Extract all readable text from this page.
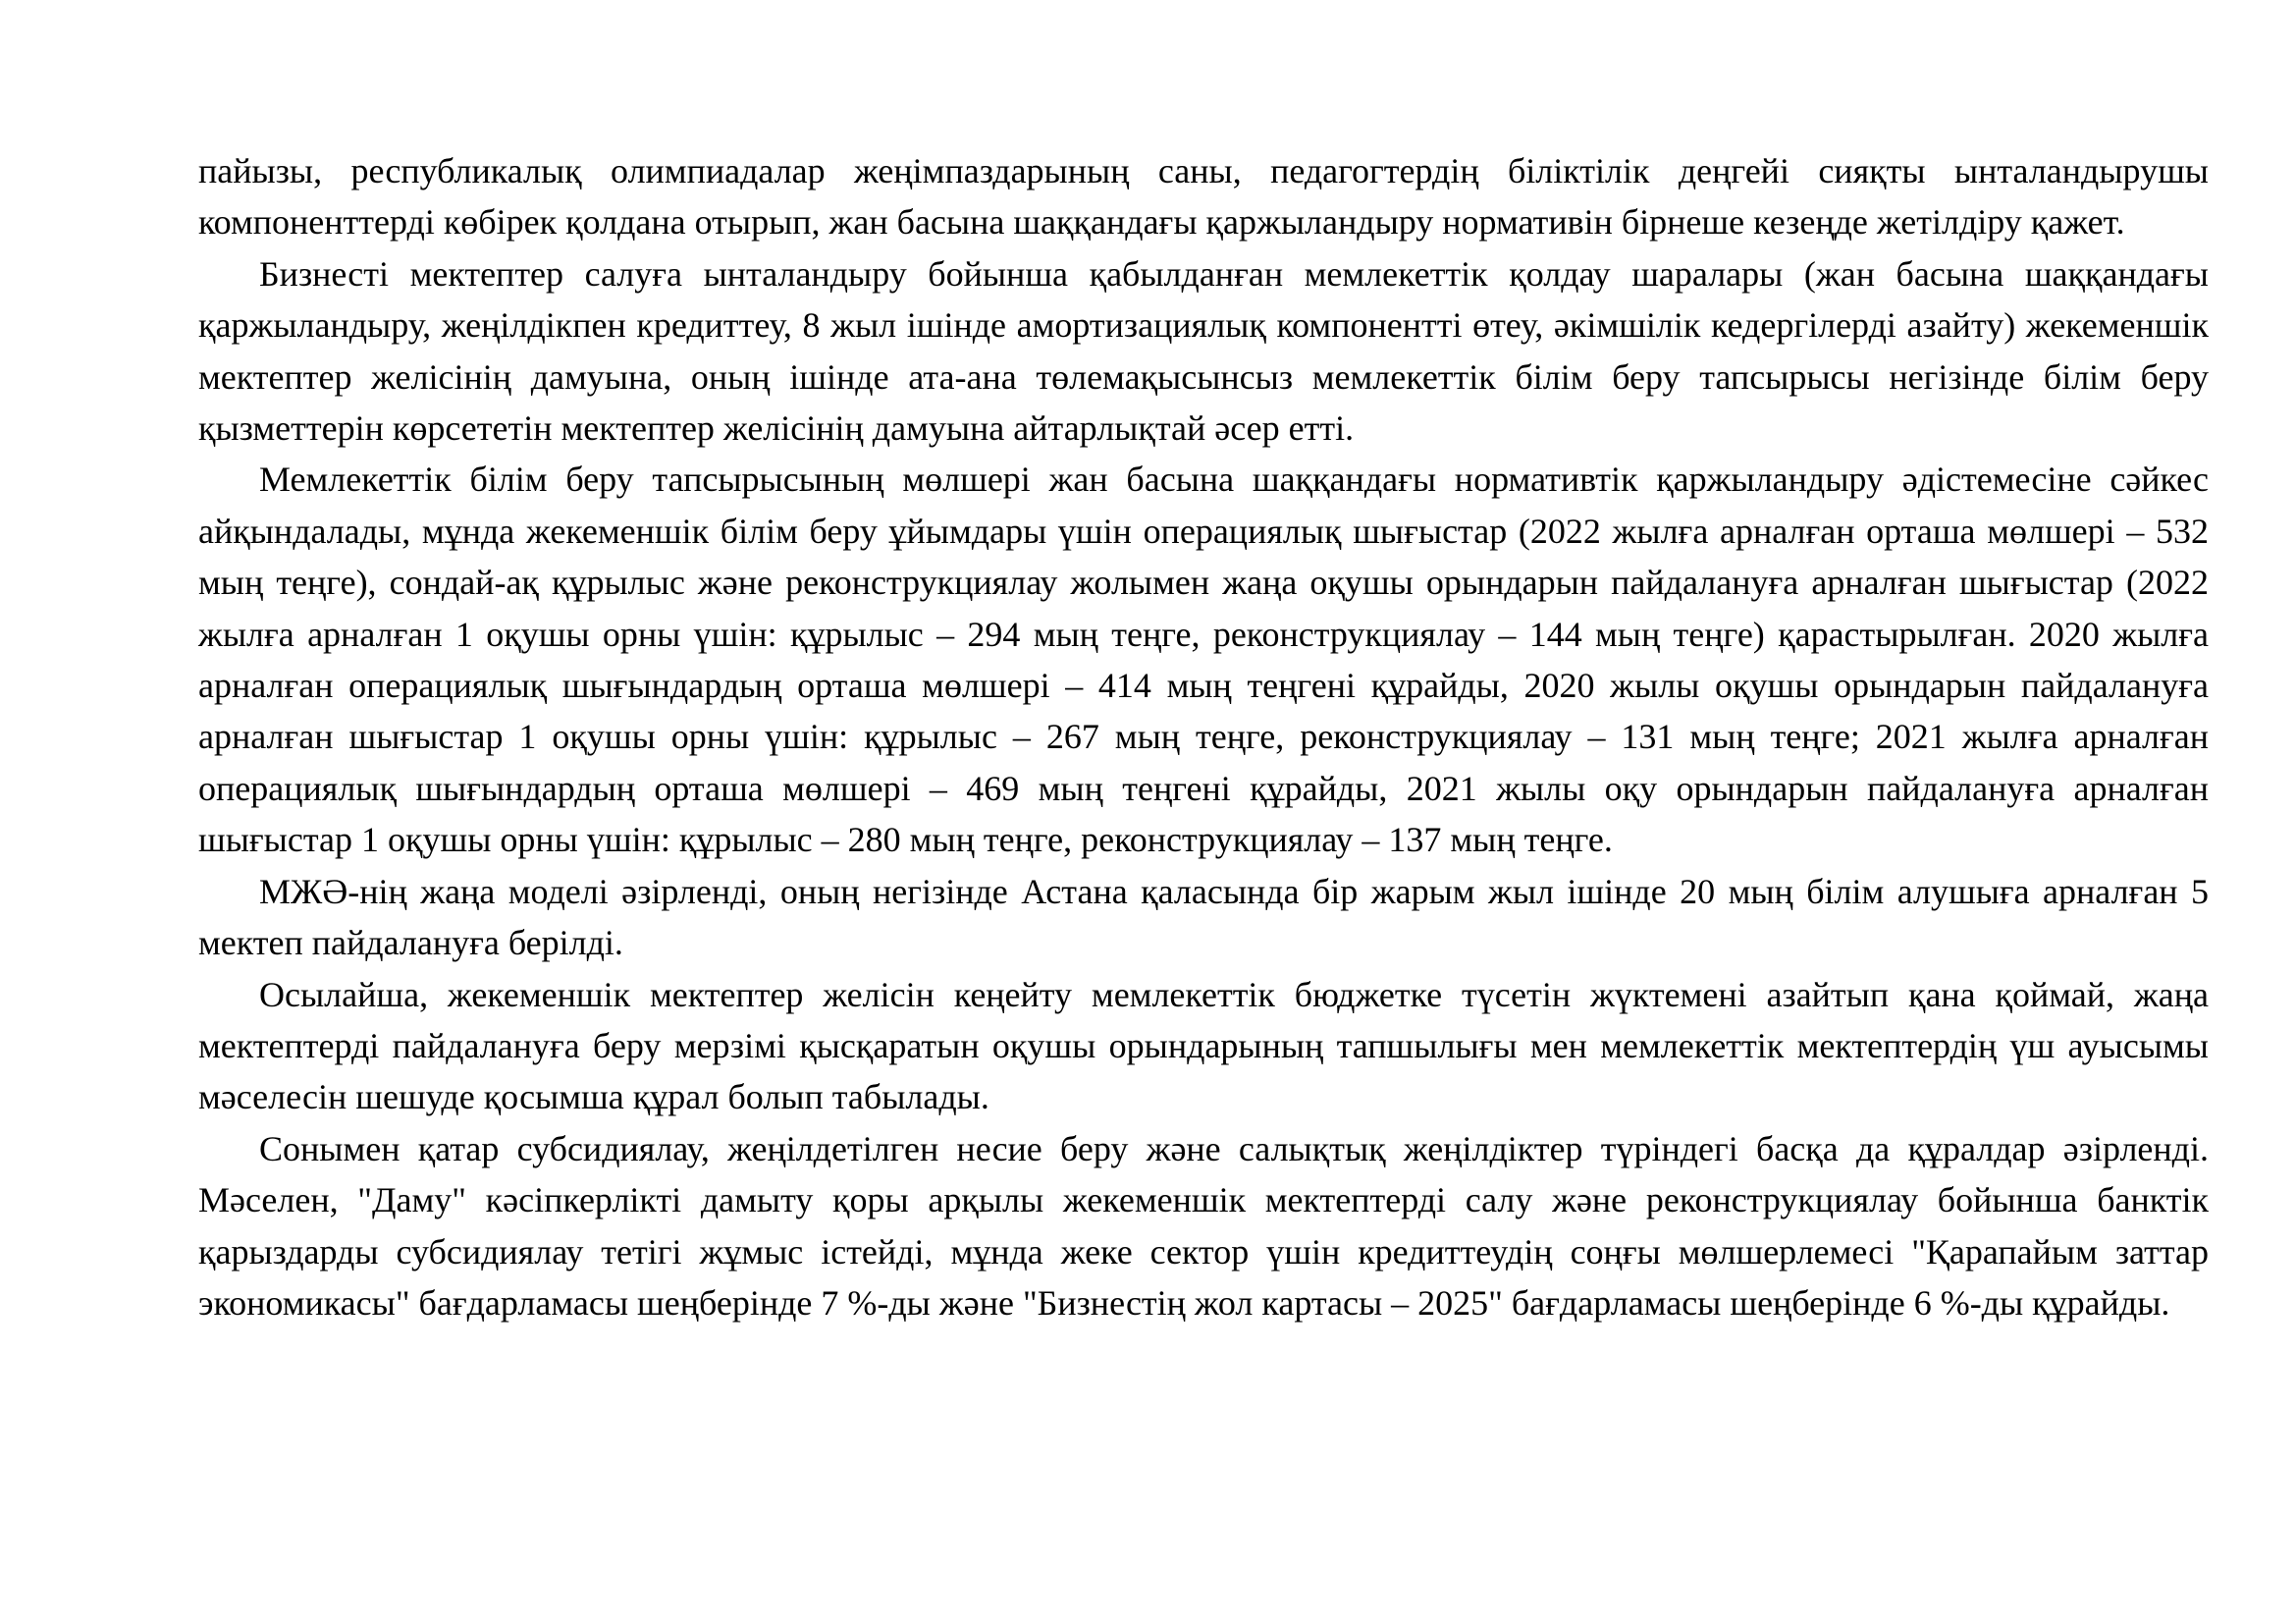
пайызы, республикалық олимпиадалар жеңімпаздарының саны, педагогтердің біліктілік деңгейі сияқты ынталандырушы компоненттерді көбірек қолдана отырып, жан басына шаққандағы қаржыландыру нормативін бірнеше кезеңде жетілдіру қажет.

Бизнесті мектептер салуға ынталандыру бойынша қабылданған мемлекеттік қолдау шаралары (жан басына шаққандағы қаржыландыру, жеңілдікпен кредиттеу, 8 жыл ішінде амортизациялық компонентті өтеу, әкімшілік кедергілерді азайту) жекеменшік мектептер желісінің дамуына, оның ішінде ата-ана төлемақысынсыз мемлекеттік білім беру тапсырысы негізінде білім беру қызметтерін көрсететін мектептер желісінің дамуына айтарлықтай әсер етті.

Мемлекеттік білім беру тапсырысының мөлшері жан басына шаққандағы нормативтік қаржыландыру әдістемесіне сәйкес айқындалады, мұнда жекеменшік білім беру ұйымдары үшін операциялық шығыстар (2022 жылға арналған орташа мөлшері – 532 мың теңге), сондай-ақ құрылыс және реконструкциялау жолымен жаңа оқушы орындарын пайдалануға арналған шығыстар (2022 жылға арналған 1 оқушы орны үшін: құрылыс – 294 мың теңге, реконструкциялау – 144 мың теңге) қарастырылған. 2020 жылға арналған операциялық шығындардың орташа мөлшері – 414 мың теңгені құрайды, 2020 жылы оқушы орындарын пайдалануға арналған шығыстар 1 оқушы орны үшін: құрылыс – 267 мың теңге, реконструкциялау – 131 мың теңге; 2021 жылға арналған операциялық шығындардың орташа мөлшері – 469 мың теңгені құрайды, 2021 жылы оқу орындарын пайдалануға арналған шығыстар 1 оқушы орны үшін: құрылыс – 280 мың теңге, реконструкциялау – 137 мың теңге.

МЖӘ-нің жаңа моделі әзірленді, оның негізінде Астана қаласында бір жарым жыл ішінде 20 мың білім алушыға арналған 5 мектеп пайдалануға берілді.

Осылайша, жекеменшік мектептер желісін кеңейту мемлекеттік бюджетке түсетін жүктемені азайтып қана қоймай, жаңа мектептерді пайдалануға беру мерзімі қысқаратын оқушы орындарының тапшылығы мен мемлекеттік мектептердің үш ауысымы мәселесін шешуде қосымша құрал болып табылады.

Сонымен қатар субсидиялау, жеңілдетілген несие беру және салықтық жеңілдіктер түріндегі басқа да құралдар әзірленді. Мәселен, "Даму" кәсіпкерлікті дамыту қоры арқылы жекеменшік мектептерді салу және реконструкциялау бойынша банктік қарыздарды субсидиялау тетігі жұмыс істейді, мұнда жеке сектор үшін кредиттеудің соңғы мөлшерлемесі "Қарапайым заттар экономикасы" бағдарламасы шеңберінде 7 %-ды және "Бизнестің жол картасы – 2025" бағдарламасы шеңберінде 6 %-ды құрайды.
